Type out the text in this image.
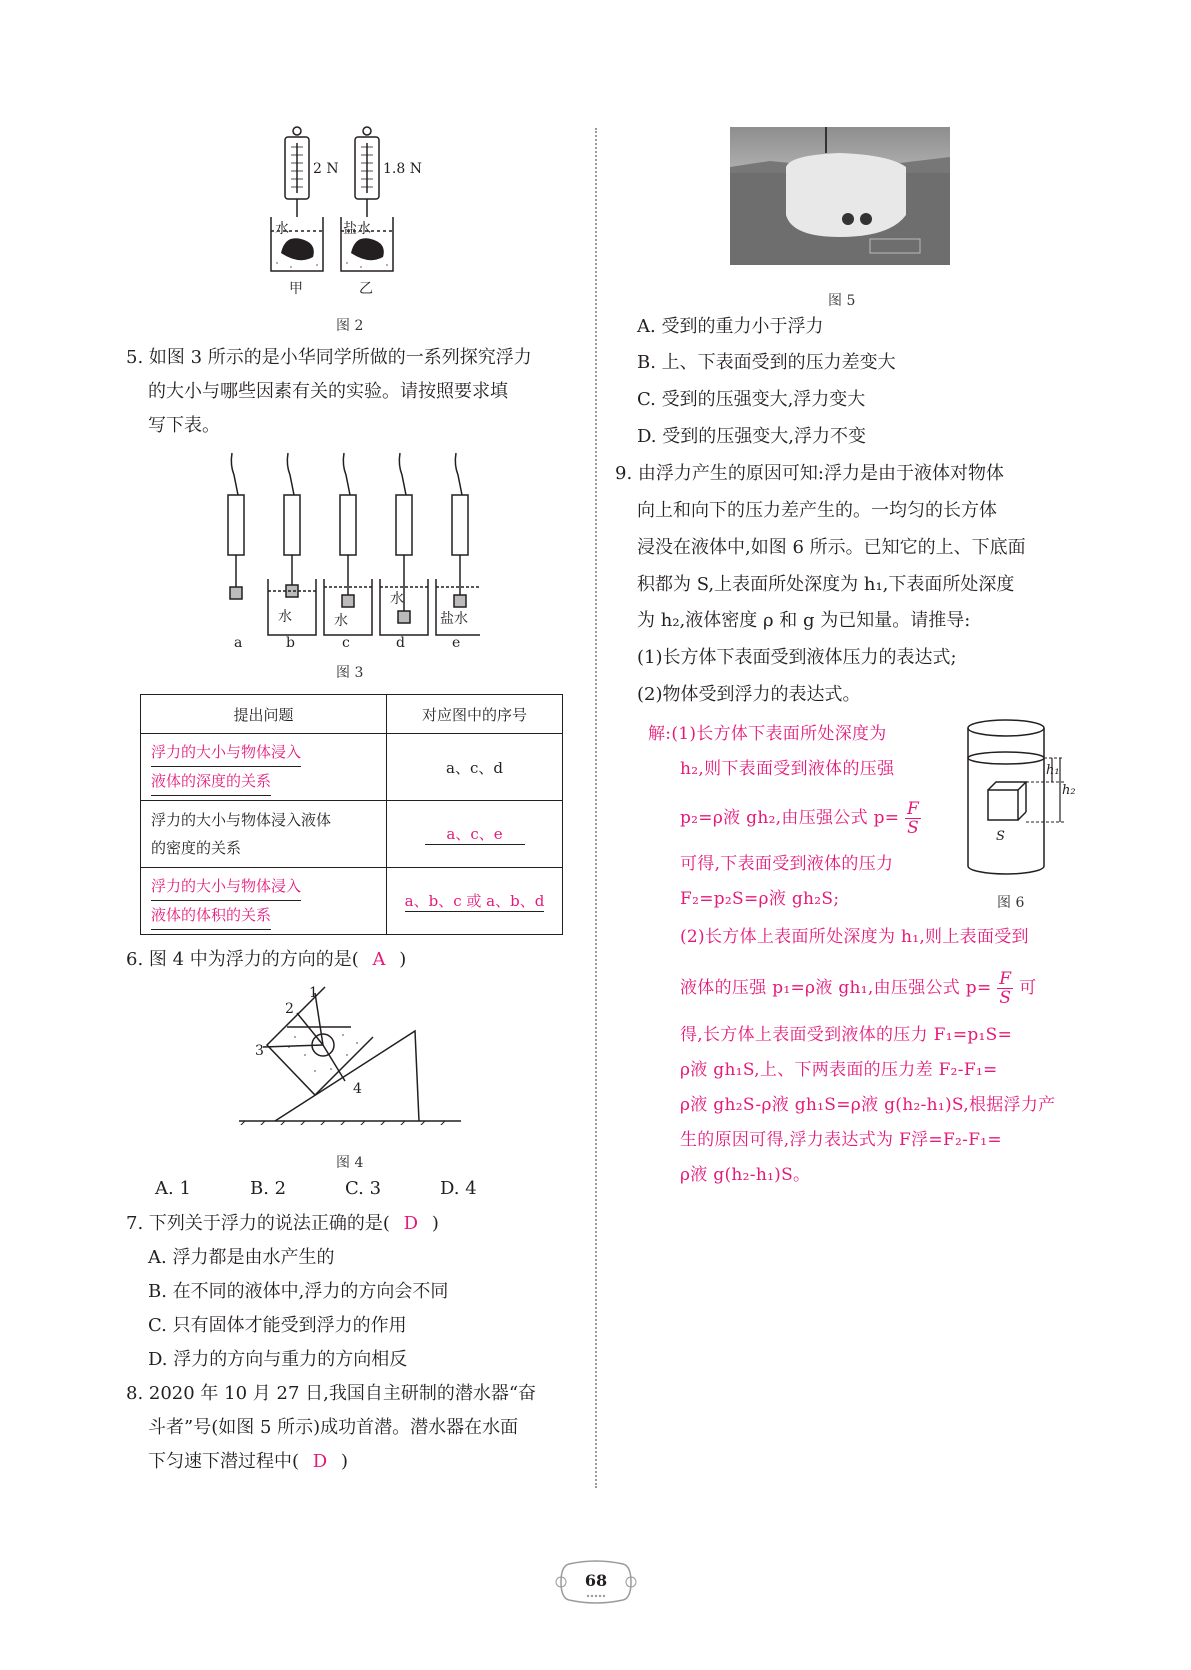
2 N	1.8 N
水	盐水
甲	乙
图 2
5. 如图 3 所示的是小华同学所做的一系列探究浮力
的大小与哪些因素有关的实验。请按照要求填
写下表。
水	水
水
盐水
a	b	c	d	e
图 3
提出问题	对应图中的序号
浮力的大小与物体浸入
液体的深度的关系	a、c、d
浮力的大小与物体浸入液体
的密度的关系	a、c、e
浮力的大小与物体浸入
液体的体积的关系	a、b、c 或 a、b、d
6. 图 4 中为浮力的方向的是( A )
1
2
3
4
图 4
A. 1	B. 2	C. 3	D. 4
7. 下列关于浮力的说法正确的是( D )
A. 浮力都是由水产生的
B. 在不同的液体中,浮力的方向会不同
C. 只有固体才能受到浮力的作用
D. 浮力的方向与重力的方向相反
8. 2020 年 10 月 27 日,我国自主研制的潜水器“奋
斗者”号(如图 5 所示)成功首潜。潜水器在水面
下匀速下潜过程中( D )
图 5
A. 受到的重力小于浮力
B. 上、下表面受到的压力差变大
C. 受到的压强变大,浮力变大
D. 受到的压强变大,浮力不变
9. 由浮力产生的原因可知:浮力是由于液体对物体
向上和向下的压力差产生的。一均匀的长方体
浸没在液体中,如图 6 所示。已知它的上、下底面
积都为 S,上表面所处深度为 h₁,下表面所处深度
为 h₂,液体密度 ρ 和 g 为已知量。请推导:
(1)长方体下表面受到液体压力的表达式;
(2)物体受到浮力的表达式。
h₁
h₂
S
图 6
解:(1)长方体下表面所处深度为
h₂,则下表面受到液体的压强
p₂=ρ液 gh₂,由压强公式 $p= \frac{F}{S}$
可得,下表面受到液体的压力
F₂=p₂S=ρ液 gh₂S;
(2)长方体上表面所处深度为 h₁,则上表面受到
液体的压强 p₁=ρ液 gh₁,由压强公式 $p= \frac{F}{S}$ 可
得,长方体上表面受到液体的压力 F₁=p₁S=
ρ液 gh₁S,上、下两表面的压力差 F₂-F₁=
ρ液 gh₂S-ρ液 gh₁S=ρ液 g(h₂-h₁)S,根据浮力产
生的原因可得,浮力表达式为 F浮=F₂-F₁=
ρ液 g(h₂-h₁)S。
68
